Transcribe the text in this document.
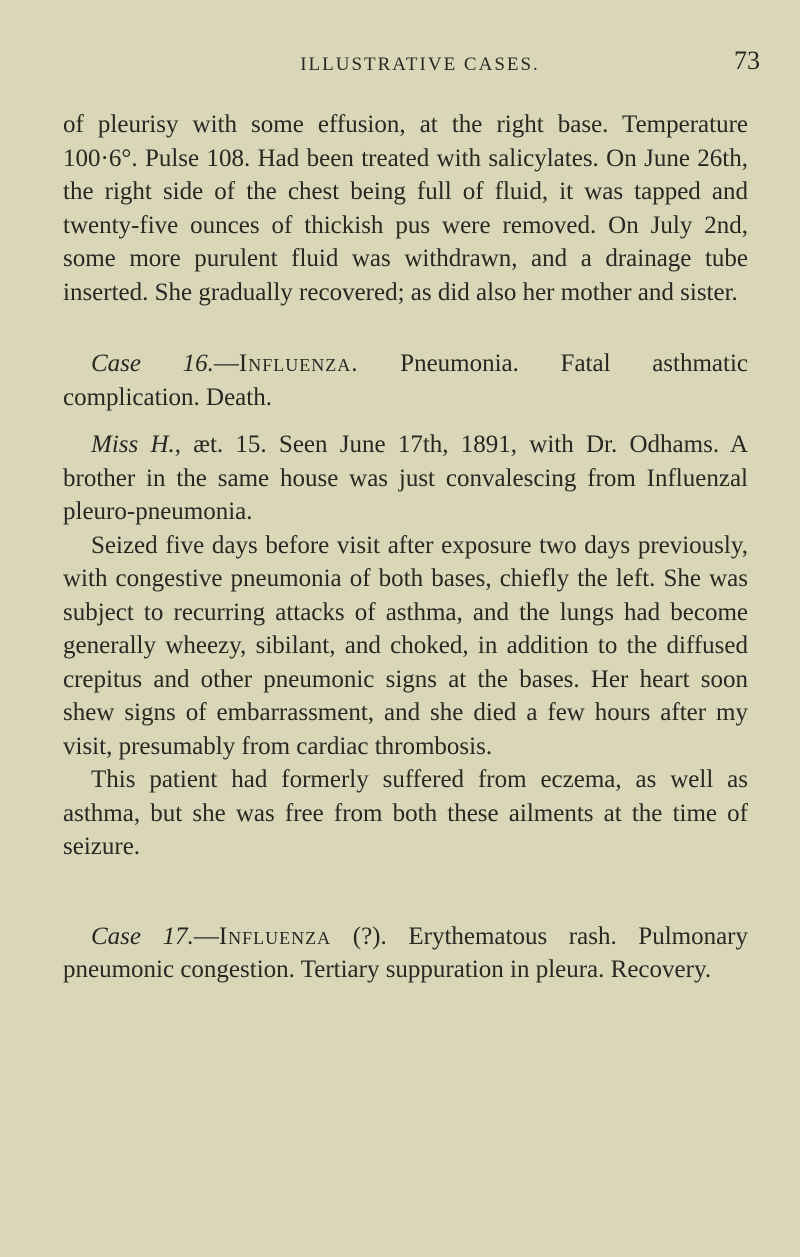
ILLUSTRATIVE CASES.	73

of pleurisy with some effusion, at the right base. Temperature 100·6°. Pulse 108. Had been treated with salicylates. On June 26th, the right side of the chest being full of fluid, it was tapped and twenty-five ounces of thickish pus were removed. On July 2nd, some more purulent fluid was withdrawn, and a drainage tube inserted. She gradually recovered; as did also her mother and sister.

Case 16.—Influenza. Pneumonia. Fatal asthmatic complication. Death.

Miss H., æt. 15. Seen June 17th, 1891, with Dr. Odhams. A brother in the same house was just convalescing from Influenzal pleuro-pneumonia.

Seized five days before visit after exposure two days previously, with congestive pneumonia of both bases, chiefly the left. She was subject to recurring attacks of asthma, and the lungs had become generally wheezy, sibilant, and choked, in addition to the diffused crepitus and other pneumonic signs at the bases. Her heart soon shew signs of embarrassment, and she died a few hours after my visit, presumably from cardiac thrombosis.

This patient had formerly suffered from eczema, as well as asthma, but she was free from both these ailments at the time of seizure.

Case 17.—Influenza (?). Erythematous rash. Pulmonary pneumonic congestion. Tertiary suppuration in pleura. Recovery.
